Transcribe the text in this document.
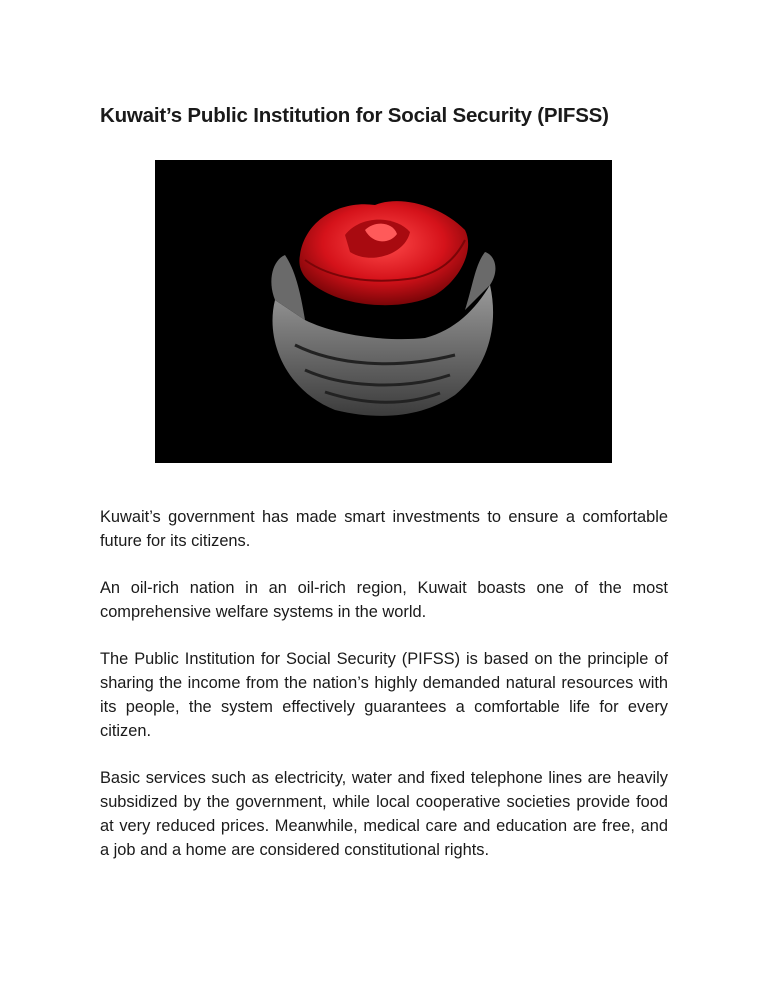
Kuwait’s Public Institution for Social Security (PIFSS)

Kuwait’s government has made smart investments to ensure a comfortable future for its citizens.

An oil-rich nation in an oil-rich region, Kuwait boasts one of the most comprehensive welfare systems in the world.

The Public Institution for Social Security (PIFSS) is based on the principle of sharing the income from the nation’s highly demanded natural resources with its people, the system effectively guarantees a comfortable life for every citizen.

Basic services such as electricity, water and fixed telephone lines are heavily subsidized by the government, while local cooperative societies provide food at very reduced prices. Meanwhile, medical care and education are free, and a job and a home are considered constitutional rights.
